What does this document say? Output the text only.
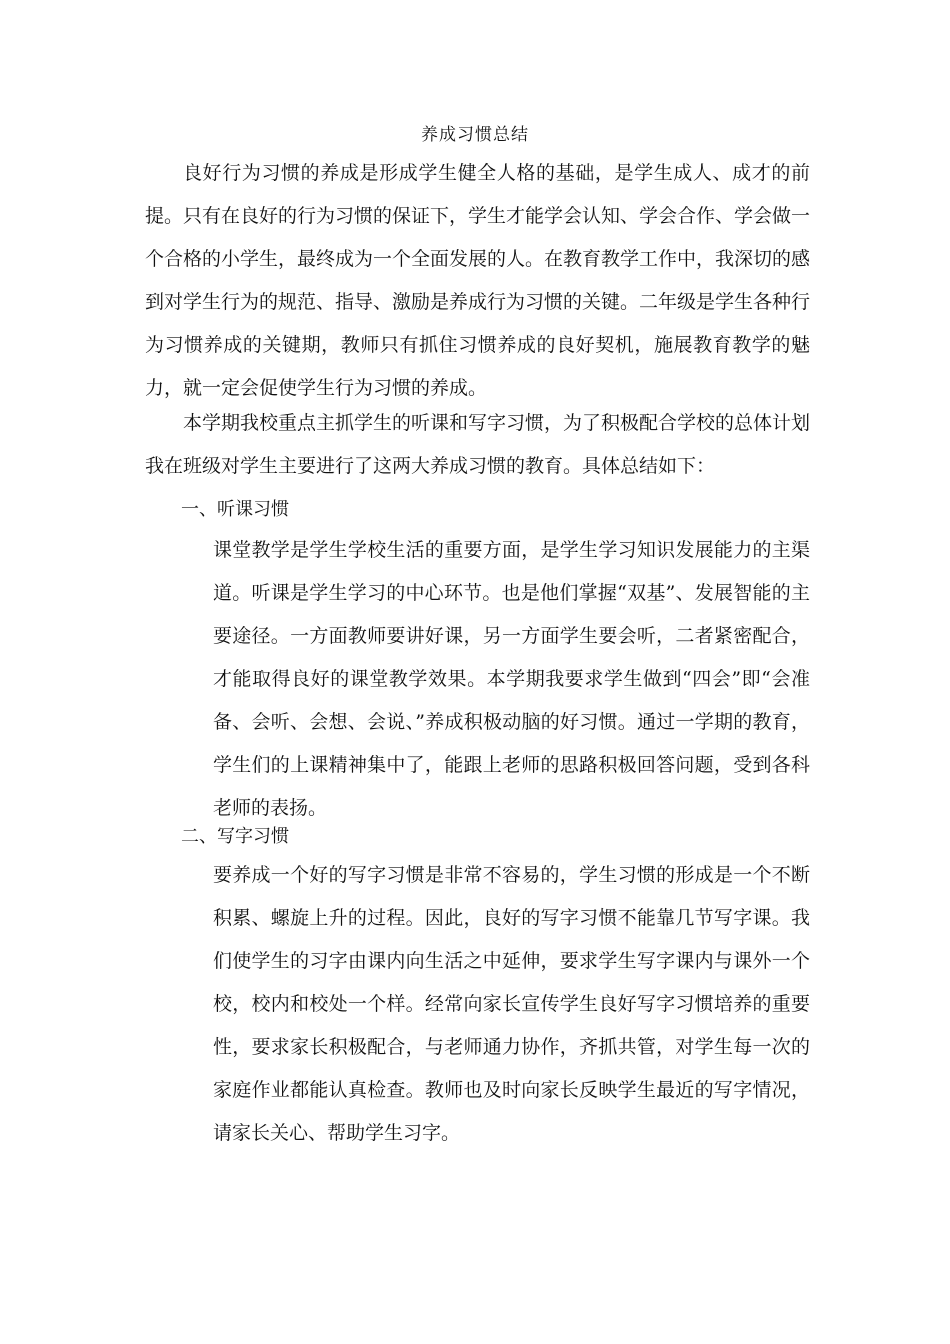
养成习惯总结

良好行为习惯的养成是形成学生健全人格的基础，是学生成人、成才的前提。只有在良好的行为习惯的保证下，学生才能学会认知、学会合作、学会做一个合格的小学生，最终成为一个全面发展的人。在教育教学工作中，我深切的感到对学生行为的规范、指导、激励是养成行为习惯的关键。二年级是学生各种行为习惯养成的关键期，教师只有抓住习惯养成的良好契机，施展教育教学的魅力，就一定会促使学生行为习惯的养成。

本学期我校重点主抓学生的听课和写字习惯，为了积极配合学校的总体计划我在班级对学生主要进行了这两大养成习惯的教育。具体总结如下：

一、听课习惯

课堂教学是学生学校生活的重要方面，是学生学习知识发展能力的主渠道。听课是学生学习的中心环节。也是他们掌握“双基”、发展智能的主要途径。一方面教师要讲好课，另一方面学生要会听，二者紧密配合，才能取得良好的课堂教学效果。本学期我要求学生做到“四会”即“会准备、会听、会想、会说、”养成积极动脑的好习惯。通过一学期的教育，学生们的上课精神集中了，能跟上老师的思路积极回答问题，受到各科老师的表扬。

二、写字习惯

要养成一个好的写字习惯是非常不容易的，学生习惯的形成是一个不断积累、螺旋上升的过程。因此，良好的写字习惯不能靠几节写字课。我们使学生的习字由课内向生活之中延伸，要求学生写字课内与课外一个校，校内和校处一个样。经常向家长宣传学生良好写字习惯培养的重要性，要求家长积极配合，与老师通力协作，齐抓共管，对学生每一次的家庭作业都能认真检查。教师也及时向家长反映学生最近的写字情况，请家长关心、帮助学生习字。
